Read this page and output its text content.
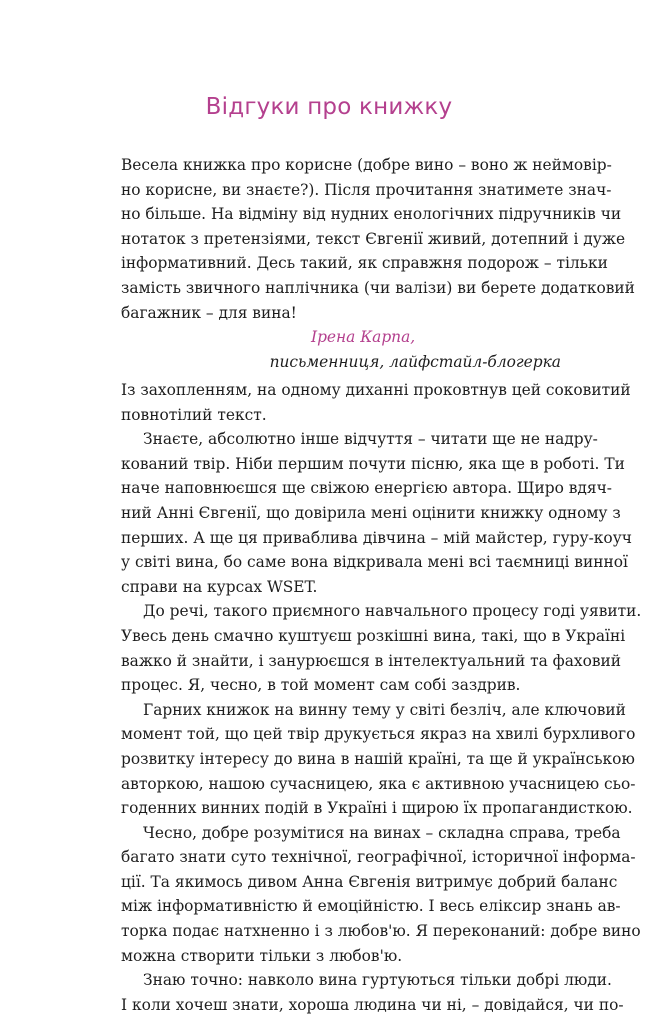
Відгуки про книжку
Весела книжка про корисне (добре вино – воно ж неймовір-
но корисне, ви знаєте?). Після прочитання знатимете знач-
но більше. На відміну від нудних енологічних підручників чи
нотаток з претензіями, текст Євгенії живий, дотепний і дуже
інформативний. Десь такий, як справжня подорож – тільки
замість звичного наплічника (чи валізи) ви берете додатковий
багажник – для вина!
Ірена Карпа,
письменниця, лайфстайл-блогерка
Із захопленням, на одному диханні проковтнув цей соковитий
повнотілий текст.
Знаєте, абсолютно інше відчуття – читати ще не надру-
кований твір. Ніби першим почути пісню, яка ще в роботі. Ти
наче наповнюєшся ще свіжою енергією автора. Щиро вдяч-
ний Анні Євгенії, що довірила мені оцінити книжку одному з
перших. А ще ця приваблива дівчина – мій майстер, гуру-коуч
у світі вина, бо саме вона відкривала мені всі таємниці винної
справи на курсах WSET.
До речі, такого приємного навчального процесу годі уявити.
Увесь день смачно куштуєш розкішні вина, такі, що в Україні
важко й знайти, і занурюєшся в інтелектуальний та фаховий
процес. Я, чесно, в той момент сам собі заздрив.
Гарних книжок на винну тему у світі безліч, але ключовий
момент той, що цей твір друкується якраз на хвилі бурхливого
розвитку інтересу до вина в нашій країні, та ще й українською
авторкою, нашою сучасницею, яка є активною учасницею сьо-
годенних винних подій в Україні і щирою їх пропагандисткою.
Чесно, добре розумітися на винах – складна справа, треба
багато знати суто технічної, географічної, історичної інформа-
ції. Та якимось дивом Анна Євгенія витримує добрий баланс
між інформативністю й емоційністю. І весь еліксир знань ав-
торка подає натхненно і з любов'ю. Я переконаний: добре вино
можна створити тільки з любов'ю.
Знаю точно: навколо вина гуртуються тільки добрі люди.
І коли хочеш знати, хороша людина чи ні, – довідайся, чи по-
